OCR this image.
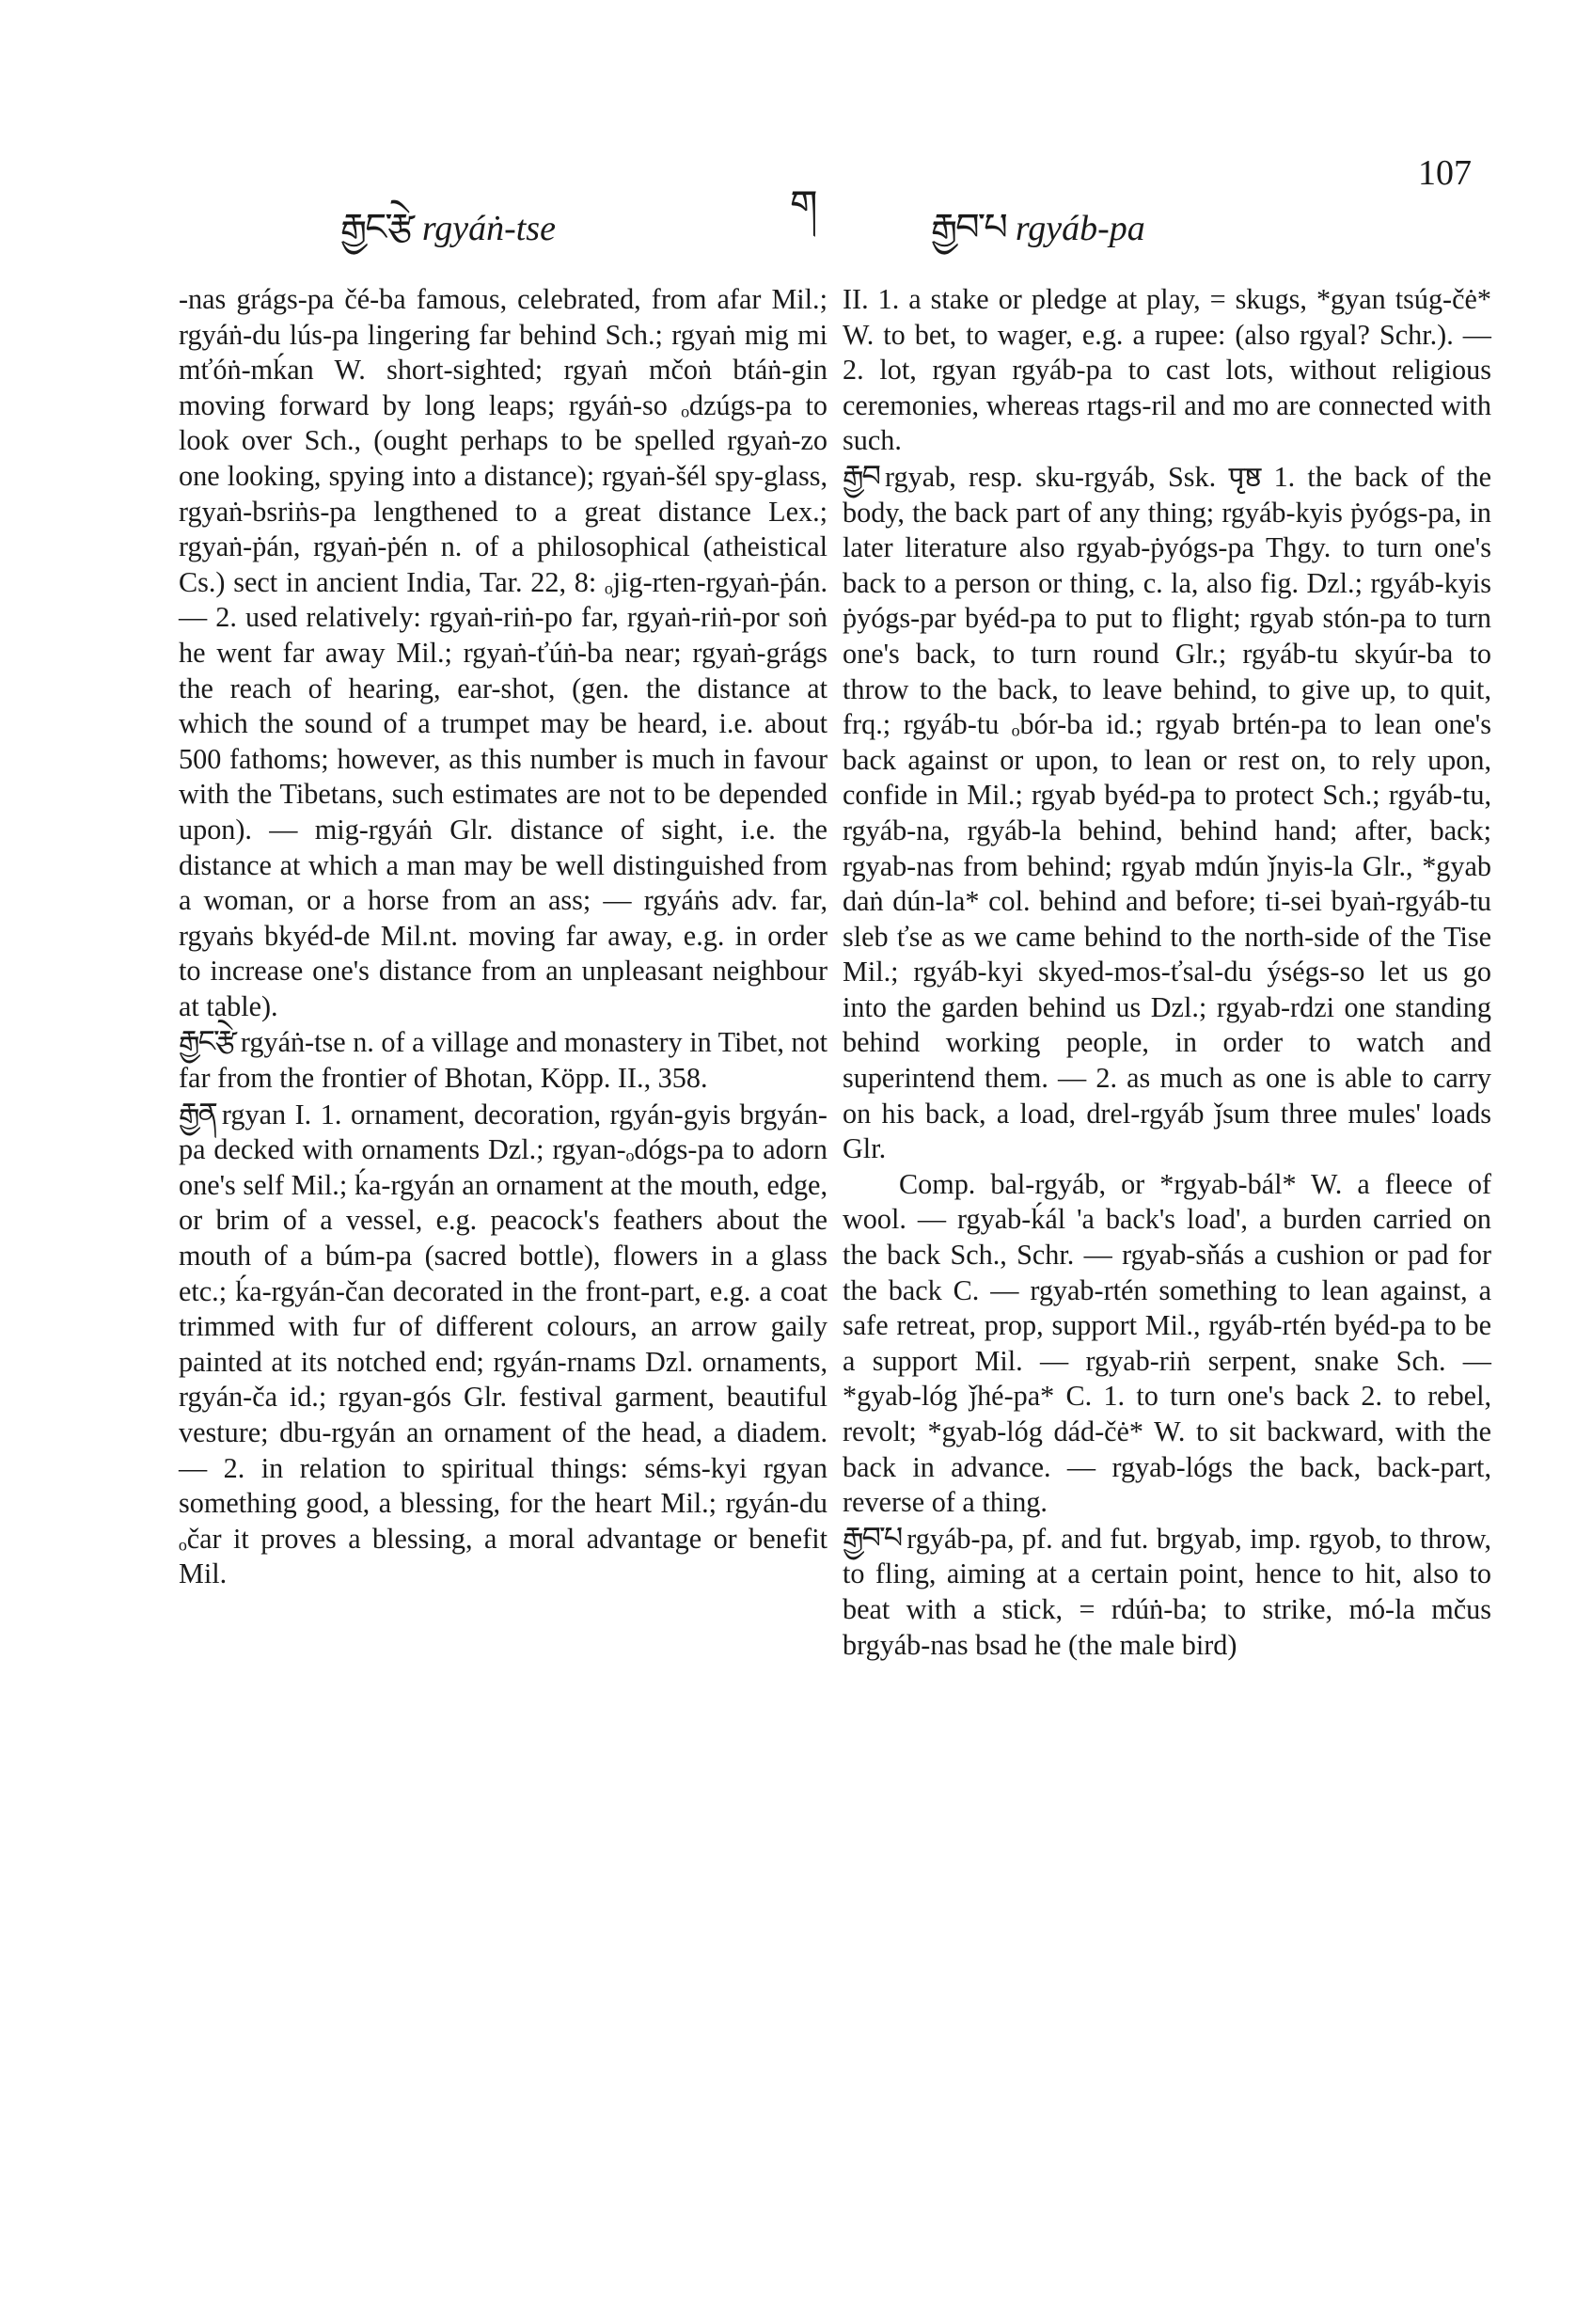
རྒྱང་རྩེ rgyáṅ-tse
ག	རྒྱབ་པ rgyáb-pa
107

-nas grágs-pa čé-ba famous, celebrated, from afar Mil.; rgyáṅ-du lús-pa lingering far behind Sch.; rgyaṅ mig mi mťóṅ-mḱan W. short-sighted; rgyaṅ mčoṅ btáṅ-gin moving forward by long leaps; rgyáṅ-so ₒdzúgs-pa to look over Sch., (ought perhaps to be spelled rgyaṅ-zo one looking, spying into a distance); rgyaṅ-šél spy-glass, rgyaṅ-bsriṅs-pa lengthened to a great distance Lex.; rgyaṅ-ṗán, rgyaṅ-ṗén n. of a philosophical (atheistical Cs.) sect in ancient India, Tar. 22, 8: ₒjig-rten-rgyaṅ-ṗán. — 2. used relatively: rgyaṅ-riṅ-po far, rgyaṅ-riṅ-por soṅ he went far away Mil.; rgyaṅ-ťúṅ-ba near; rgyaṅ-grágs the reach of hearing, ear-shot, (gen. the distance at which the sound of a trumpet may be heard, i.e. about 500 fathoms; however, as this number is much in favour with the Tibetans, such estimates are not to be depended upon). — mig-rgyáṅ Glr. distance of sight, i.e. the distance at which a man may be well distinguished from a woman, or a horse from an ass; — rgyáṅs adv. far, rgyaṅs bkyéd-de Mil.nt. moving far away, e.g. in order to increase one's distance from an unpleasant neighbour at table).

རྒྱང་རྩེ rgyáṅ-tse n. of a village and monastery in Tibet, not far from the frontier of Bhotan, Köpp. II., 358.

རྒྱན rgyan I. 1. ornament, decoration, rgyán-gyis brgyán-pa decked with ornaments Dzl.; rgyan-ₒdógs-pa to adorn one's self Mil.; ḱa-rgyán an ornament at the mouth, edge, or brim of a vessel, e.g. peacock's feathers about the mouth of a búm-pa (sacred bottle), flowers in a glass etc.; ḱa-rgyán-čan decorated in the front-part, e.g. a coat trimmed with fur of different colours, an arrow gaily painted at its notched end; rgyán-rnams Dzl. ornaments, rgyán-ča id.; rgyan-gós Glr. festival garment, beautiful vesture; dbu-rgyán an ornament of the head, a diadem. — 2. in relation to spiritual things: séms-kyi rgyan something good, a blessing, for the heart Mil.; rgyán-du ₒčar it proves a blessing, a moral advantage or benefit Mil.

II. 1. a stake or pledge at play, = skugs, *gyan tsúg-čė* W. to bet, to wager, e.g. a rupee: (also rgyal? Schr.). — 2. lot, rgyan rgyáb-pa to cast lots, without religious ceremonies, whereas rtags-ril and mo are connected with such.

རྒྱབ rgyab, resp. sku-rgyáb, Ssk. पृष्ठ 1. the back of the body, the back part of any thing; rgyáb-kyis ṗyógs-pa, in later literature also rgyab-ṗyógs-pa Thgy. to turn one's back to a person or thing, c. la, also fig. Dzl.; rgyáb-kyis ṗyógs-par byéd-pa to put to flight; rgyab stón-pa to turn one's back, to turn round Glr.; rgyáb-tu skyúr-ba to throw to the back, to leave behind, to give up, to quit, frq.; rgyáb-tu ₒbór-ba id.; rgyab brtén-pa to lean one's back against or upon, to lean or rest on, to rely upon, confide in Mil.; rgyab byéd-pa to protect Sch.; rgyáb-tu, rgyáb-na, rgyáb-la behind, behind hand; after, back; rgyab-nas from behind; rgyab mdún ǰnyis-la Glr., *gyab daṅ dún-la* col. behind and before; ti-sei byaṅ-rgyáb-tu sleb ťse as we came behind to the north-side of the Tise Mil.; rgyáb-kyi skyed-mos-ťsal-du ýségs-so let us go into the garden behind us Dzl.; rgyab-rdzi one standing behind working people, in order to watch and superintend them. — 2. as much as one is able to carry on his back, a load, drel-rgyáb ǰsum three mules' loads Glr.

Comp. bal-rgyáb, or *rgyab-bál* W. a fleece of wool. — rgyab-ḱál 'a back's load', a burden carried on the back Sch., Schr. — rgyab-sňás a cushion or pad for the back C. — rgyab-rtén something to lean against, a safe retreat, prop, support Mil., rgyáb-rtén byéd-pa to be a support Mil. — rgyab-riṅ serpent, snake Sch. — *gyab-lóg ǰhé-pa* C. 1. to turn one's back 2. to rebel, revolt; *gyab-lóg dád-čė* W. to sit backward, with the back in advance. — rgyab-lógs the back, back-part, reverse of a thing.

རྒྱབ་པ rgyáb-pa, pf. and fut. brgyab, imp. rgyob, to throw, to fling, aiming at a certain point, hence to hit, also to beat with a stick, = rdúṅ-ba; to strike, mó-la mčus brgyáb-nas bsad he (the male bird)
